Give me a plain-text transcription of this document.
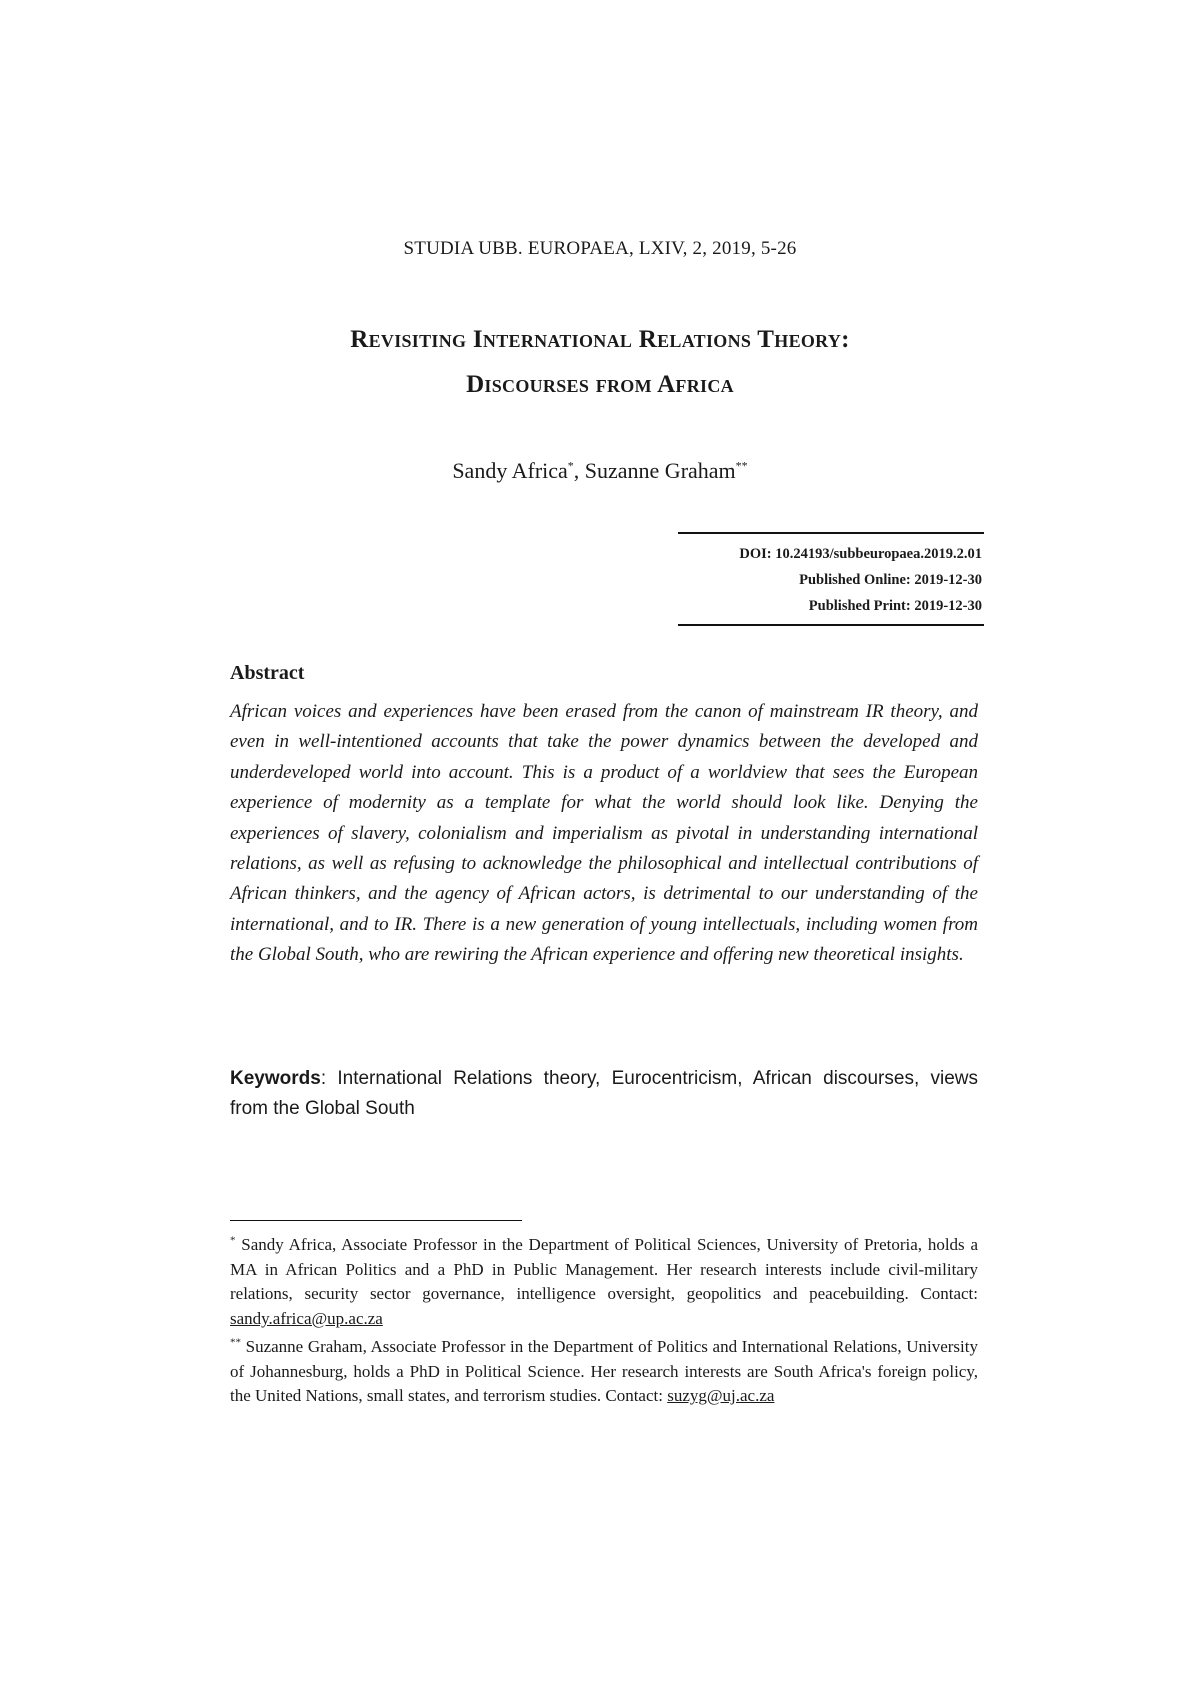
STUDIA UBB. EUROPAEA, LXIV, 2, 2019, 5-26
Revisiting International Relations Theory:
Discourses from Africa
Sandy Africa*, Suzanne Graham**
DOI: 10.24193/subbeuropaea.2019.2.01
Published Online: 2019-12-30
Published Print: 2019-12-30
Abstract
African voices and experiences have been erased from the canon of mainstream IR theory, and even in well-intentioned accounts that take the power dynamics between the developed and underdeveloped world into account. This is a product of a worldview that sees the European experience of modernity as a template for what the world should look like. Denying the experiences of slavery, colonialism and imperialism as pivotal in understanding international relations, as well as refusing to acknowledge the philosophical and intellectual contributions of African thinkers, and the agency of African actors, is detrimental to our understanding of the international, and to IR. There is a new generation of young intellectuals, including women from the Global South, who are rewiring the African experience and offering new theoretical insights.
Keywords: International Relations theory, Eurocentricism, African discourses, views from the Global South
* Sandy Africa, Associate Professor in the Department of Political Sciences, University of Pretoria, holds a MA in African Politics and a PhD in Public Management. Her research interests include civil-military relations, security sector governance, intelligence oversight, geopolitics and peacebuilding. Contact: sandy.africa@up.ac.za
** Suzanne Graham, Associate Professor in the Department of Politics and International Relations, University of Johannesburg, holds a PhD in Political Science. Her research interests are South Africa's foreign policy, the United Nations, small states, and terrorism studies. Contact: suzyg@uj.ac.za
